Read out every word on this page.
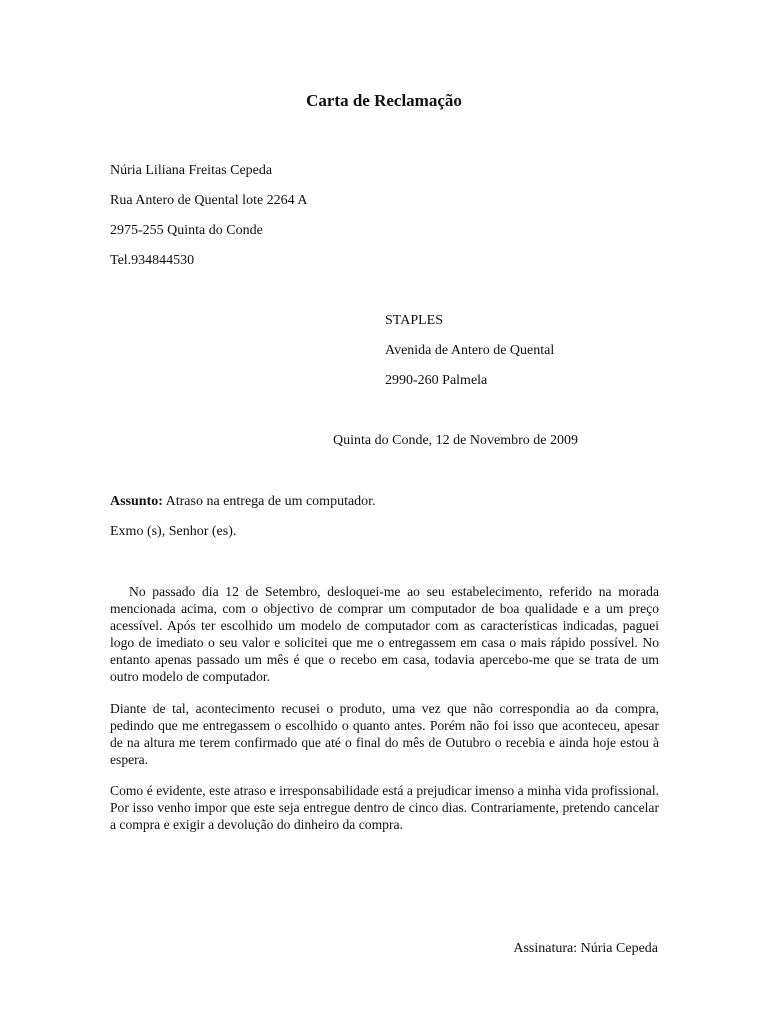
Carta de Reclamação

Núria Liliana Freitas Cepeda

Rua Antero de Quental lote 2264 A

2975-255 Quinta do Conde

Tel.934844530

STAPLES

Avenida de Antero de Quental

2990-260 Palmela

Quinta do Conde, 12 de Novembro de 2009

Assunto: Atraso na entrega de um computador.

Exmo (s), Senhor (es).

No passado dia 12 de Setembro, desloquei-me ao seu estabelecimento, referido na morada mencionada acima, com o objectivo de comprar um computador de boa qualidade e a um preço acessível. Após ter escolhido um modelo de computador com as características indicadas, paguei logo de imediato o seu valor e solicitei que me o entregassem em casa o mais rápido possível. No entanto apenas passado um mês é que o recebo em casa, todavia apercebo-me que se trata de um outro modelo de computador.

Diante de tal, acontecimento recusei o produto, uma vez que não correspondia ao da compra, pedindo que me entregassem o escolhido o quanto antes. Porém não foi isso que aconteceu, apesar de na altura me terem confirmado que até o final do mês de Outubro o recebia e ainda hoje estou à espera.

Como é evidente, este atraso e irresponsabilidade está a prejudicar imenso a minha vida profissional. Por isso venho impor que este seja entregue dentro de cinco dias. Contrariamente, pretendo cancelar a compra e exigir a devolução do dinheiro da compra.

Assinatura: Núria Cepeda
